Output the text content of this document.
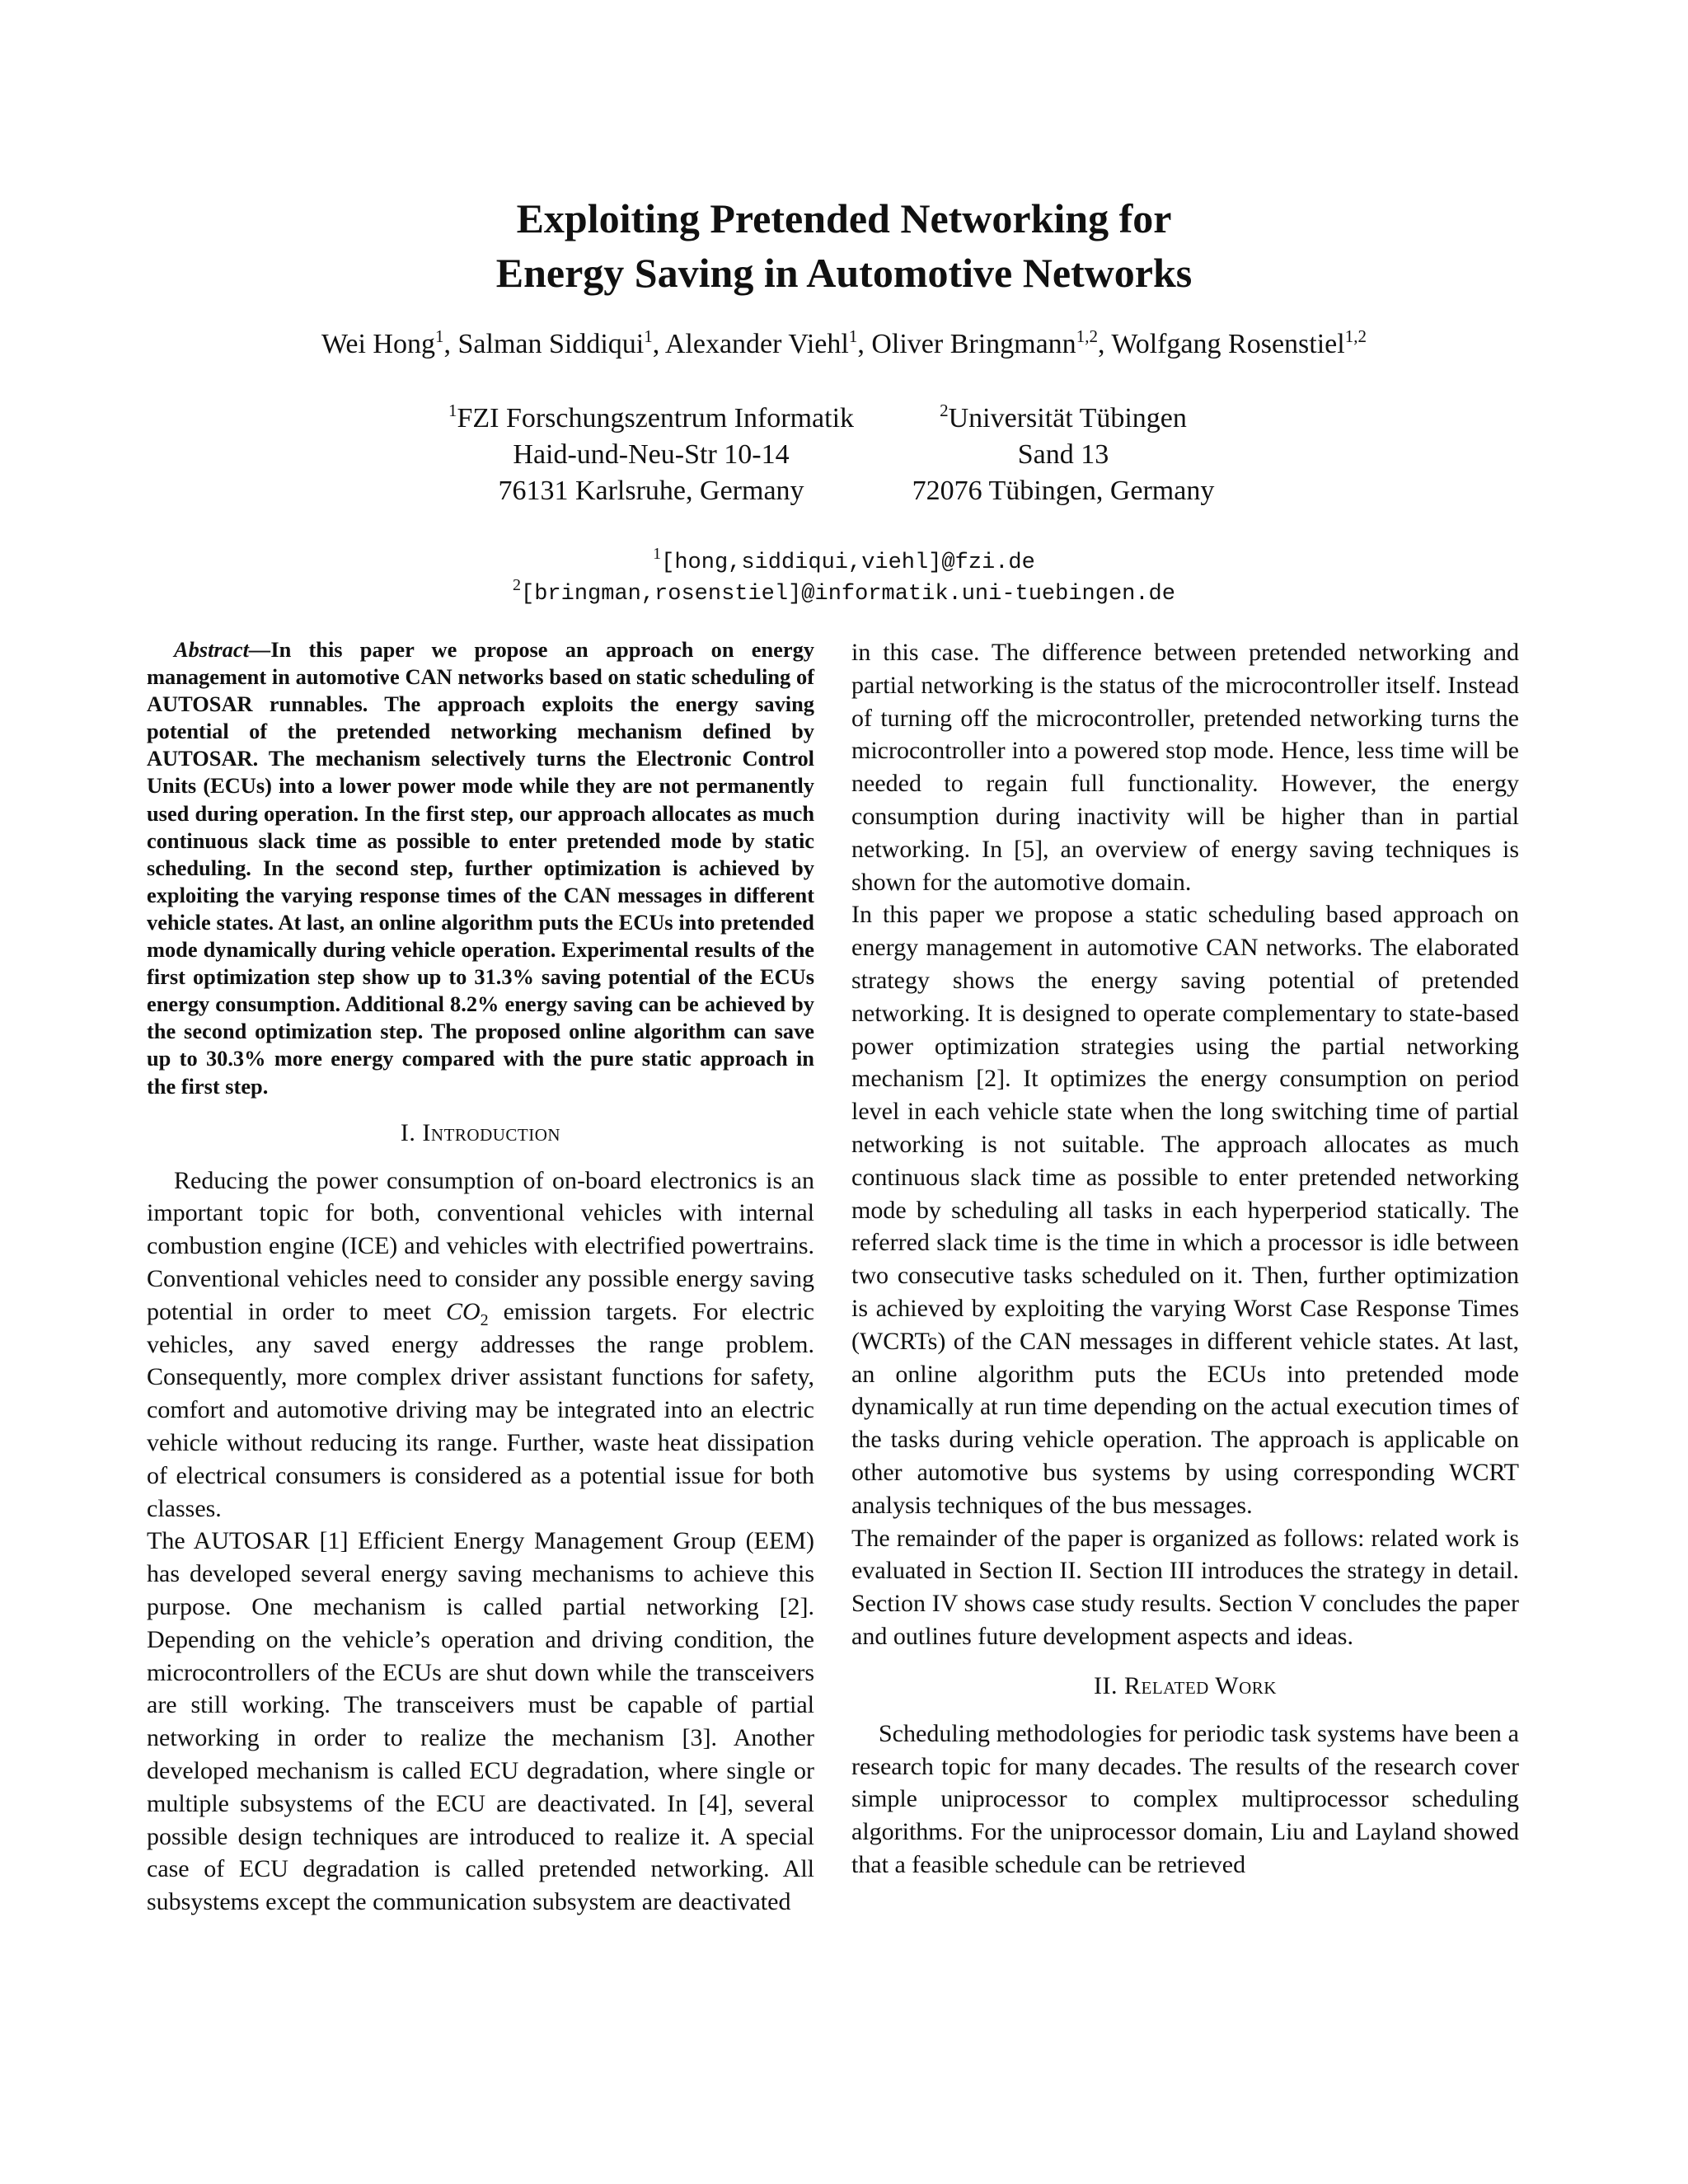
Exploiting Pretended Networking for
Energy Saving in Automotive Networks
Wei Hong$^1$, Salman Siddiqui$^1$, Alexander Viehl$^1$, Oliver Bringmann$^{1,2}$, Wolfgang Rosenstiel$^{1,2}$
$^1$FZI Forschungszentrum Informatik
Haid-und-Neu-Str 10-14
76131 Karlsruhe, Germany
$^2$Universität Tübingen
Sand 13
72076 Tübingen, Germany
$^1$[hong,siddiqui,viehl]@fzi.de
$^2$[bringman,rosenstiel]@informatik.uni-tuebingen.de

Abstract—In this paper we propose an approach on energy management in automotive CAN networks based on static scheduling of AUTOSAR runnables. The approach exploits the energy saving potential of the pretended networking mechanism defined by AUTOSAR. The mechanism selectively turns the Electronic Control Units (ECUs) into a lower power mode while they are not permanently used during operation. In the first step, our approach allocates as much continuous slack time as possible to enter pretended mode by static scheduling. In the second step, further optimization is achieved by exploiting the varying response times of the CAN messages in different vehicle states. At last, an online algorithm puts the ECUs into pretended mode dynamically during vehicle operation. Experimental results of the first optimization step show up to 31.3% saving potential of the ECUs energy consumption. Additional 8.2% energy saving can be achieved by the second optimization step. The proposed online algorithm can save up to 30.3% more energy compared with the pure static approach in the first step.

I. Introduction

Reducing the power consumption of on-board electronics is an important topic for both, conventional vehicles with internal combustion engine (ICE) and vehicles with electrified powertrains. Conventional vehicles need to consider any possible energy saving potential in order to meet $CO_2$ emission targets. For electric vehicles, any saved energy addresses the range problem. Consequently, more complex driver assistant functions for safety, comfort and automotive driving may be integrated into an electric vehicle without reducing its range. Further, waste heat dissipation of electrical consumers is considered as a potential issue for both classes.

The AUTOSAR [1] Efficient Energy Management Group (EEM) has developed several energy saving mechanisms to achieve this purpose. One mechanism is called partial networking [2]. Depending on the vehicle’s operation and driving condition, the microcontrollers of the ECUs are shut down while the transceivers are still working. The transceivers must be capable of partial networking in order to realize the mechanism [3]. Another developed mechanism is called ECU degradation, where single or multiple subsystems of the ECU are deactivated. In [4], several possible design techniques are introduced to realize it. A special case of ECU degradation is called pretended networking. All subsystems except the communication subsystem are deactivated

in this case. The difference between pretended networking and partial networking is the status of the microcontroller itself. Instead of turning off the microcontroller, pretended networking turns the microcontroller into a powered stop mode. Hence, less time will be needed to regain full functionality. However, the energy consumption during inactivity will be higher than in partial networking. In [5], an overview of energy saving techniques is shown for the automotive domain.

In this paper we propose a static scheduling based approach on energy management in automotive CAN networks. The elaborated strategy shows the energy saving potential of pretended networking. It is designed to operate complementary to state-based power optimization strategies using the partial networking mechanism [2]. It optimizes the energy consumption on period level in each vehicle state when the long switching time of partial networking is not suitable. The approach allocates as much continuous slack time as possible to enter pretended networking mode by scheduling all tasks in each hyperperiod statically. The referred slack time is the time in which a processor is idle between two consecutive tasks scheduled on it. Then, further optimization is achieved by exploiting the varying Worst Case Response Times (WCRTs) of the CAN messages in different vehicle states. At last, an online algorithm puts the ECUs into pretended mode dynamically at run time depending on the actual execution times of the tasks during vehicle operation. The approach is applicable on other automotive bus systems by using corresponding WCRT analysis techniques of the bus messages.

The remainder of the paper is organized as follows: related work is evaluated in Section II. Section III introduces the strategy in detail. Section IV shows case study results. Section V concludes the paper and outlines future development aspects and ideas.

II. Related Work

Scheduling methodologies for periodic task systems have been a research topic for many decades. The results of the research cover simple uniprocessor to complex multiprocessor scheduling algorithms. For the uniprocessor domain, Liu and Layland showed that a feasible schedule can be retrieved
